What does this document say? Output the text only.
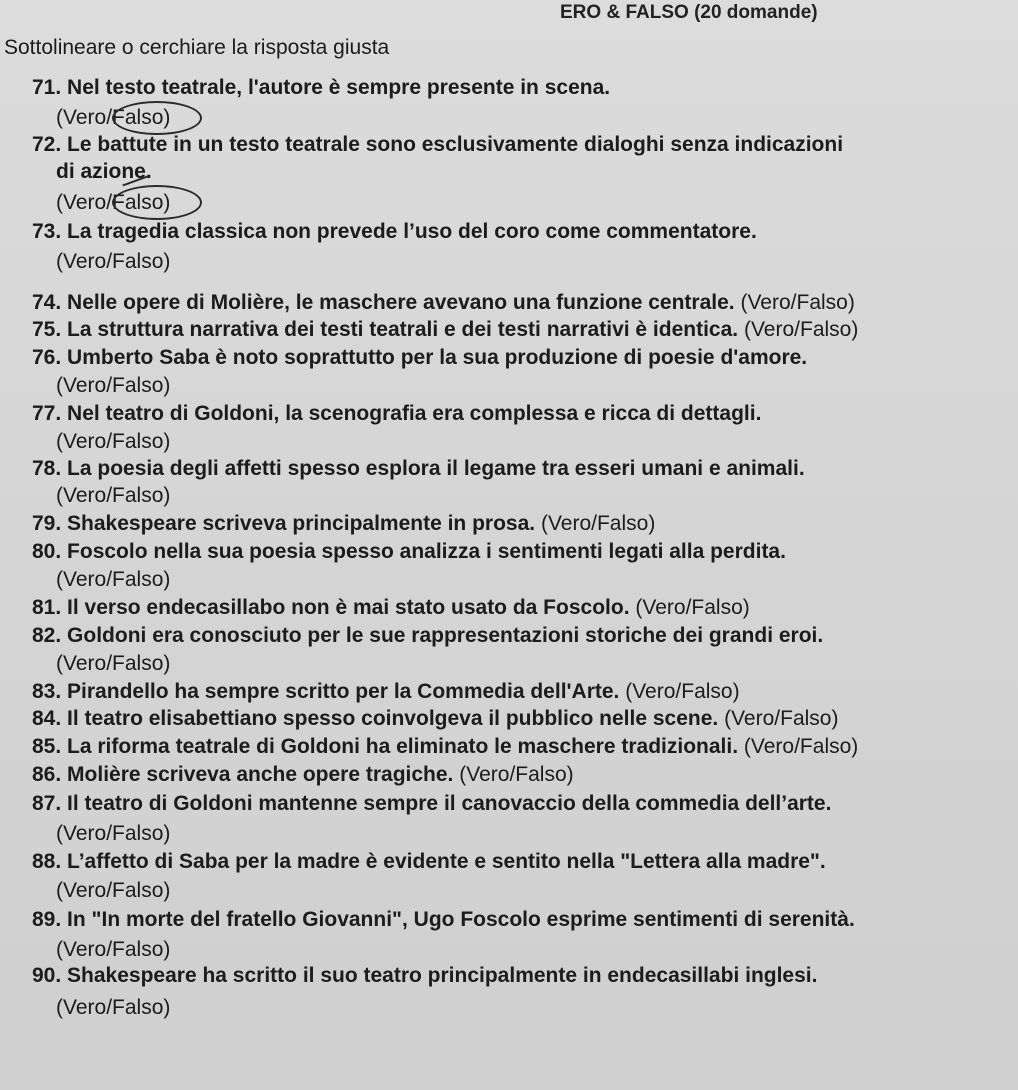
ERO & FALSO (20 domande)
Sottolineare o cerchiare la risposta giusta
71. Nel testo teatrale, l'autore è sempre presente in scena.
(Vero/Falso)
72. Le battute in un testo teatrale sono esclusivamente dialoghi senza indicazioni
di azione.
(Vero/Falso)
73. La tragedia classica non prevede l’uso del coro come commentatore.
(Vero/Falso)
74. Nelle opere di Molière, le maschere avevano una funzione centrale. (Vero/Falso)
75. La struttura narrativa dei testi teatrali e dei testi narrativi è identica. (Vero/Falso)
76. Umberto Saba è noto soprattutto per la sua produzione di poesie d'amore.
(Vero/Falso)
77. Nel teatro di Goldoni, la scenografia era complessa e ricca di dettagli.
(Vero/Falso)
78. La poesia degli affetti spesso esplora il legame tra esseri umani e animali.
(Vero/Falso)
79. Shakespeare scriveva principalmente in prosa. (Vero/Falso)
80. Foscolo nella sua poesia spesso analizza i sentimenti legati alla perdita.
(Vero/Falso)
81. Il verso endecasillabo non è mai stato usato da Foscolo. (Vero/Falso)
82. Goldoni era conosciuto per le sue rappresentazioni storiche dei grandi eroi.
(Vero/Falso)
83. Pirandello ha sempre scritto per la Commedia dell'Arte. (Vero/Falso)
84. Il teatro elisabettiano spesso coinvolgeva il pubblico nelle scene. (Vero/Falso)
85. La riforma teatrale di Goldoni ha eliminato le maschere tradizionali. (Vero/Falso)
86. Molière scriveva anche opere tragiche. (Vero/Falso)
87. Il teatro di Goldoni mantenne sempre il canovaccio della commedia dell’arte.
(Vero/Falso)
88. L’affetto di Saba per la madre è evidente e sentito nella "Lettera alla madre".
(Vero/Falso)
89. In "In morte del fratello Giovanni", Ugo Foscolo esprime sentimenti di serenità.
(Vero/Falso)
90. Shakespeare ha scritto il suo teatro principalmente in endecasillabi inglesi.
(Vero/Falso)
